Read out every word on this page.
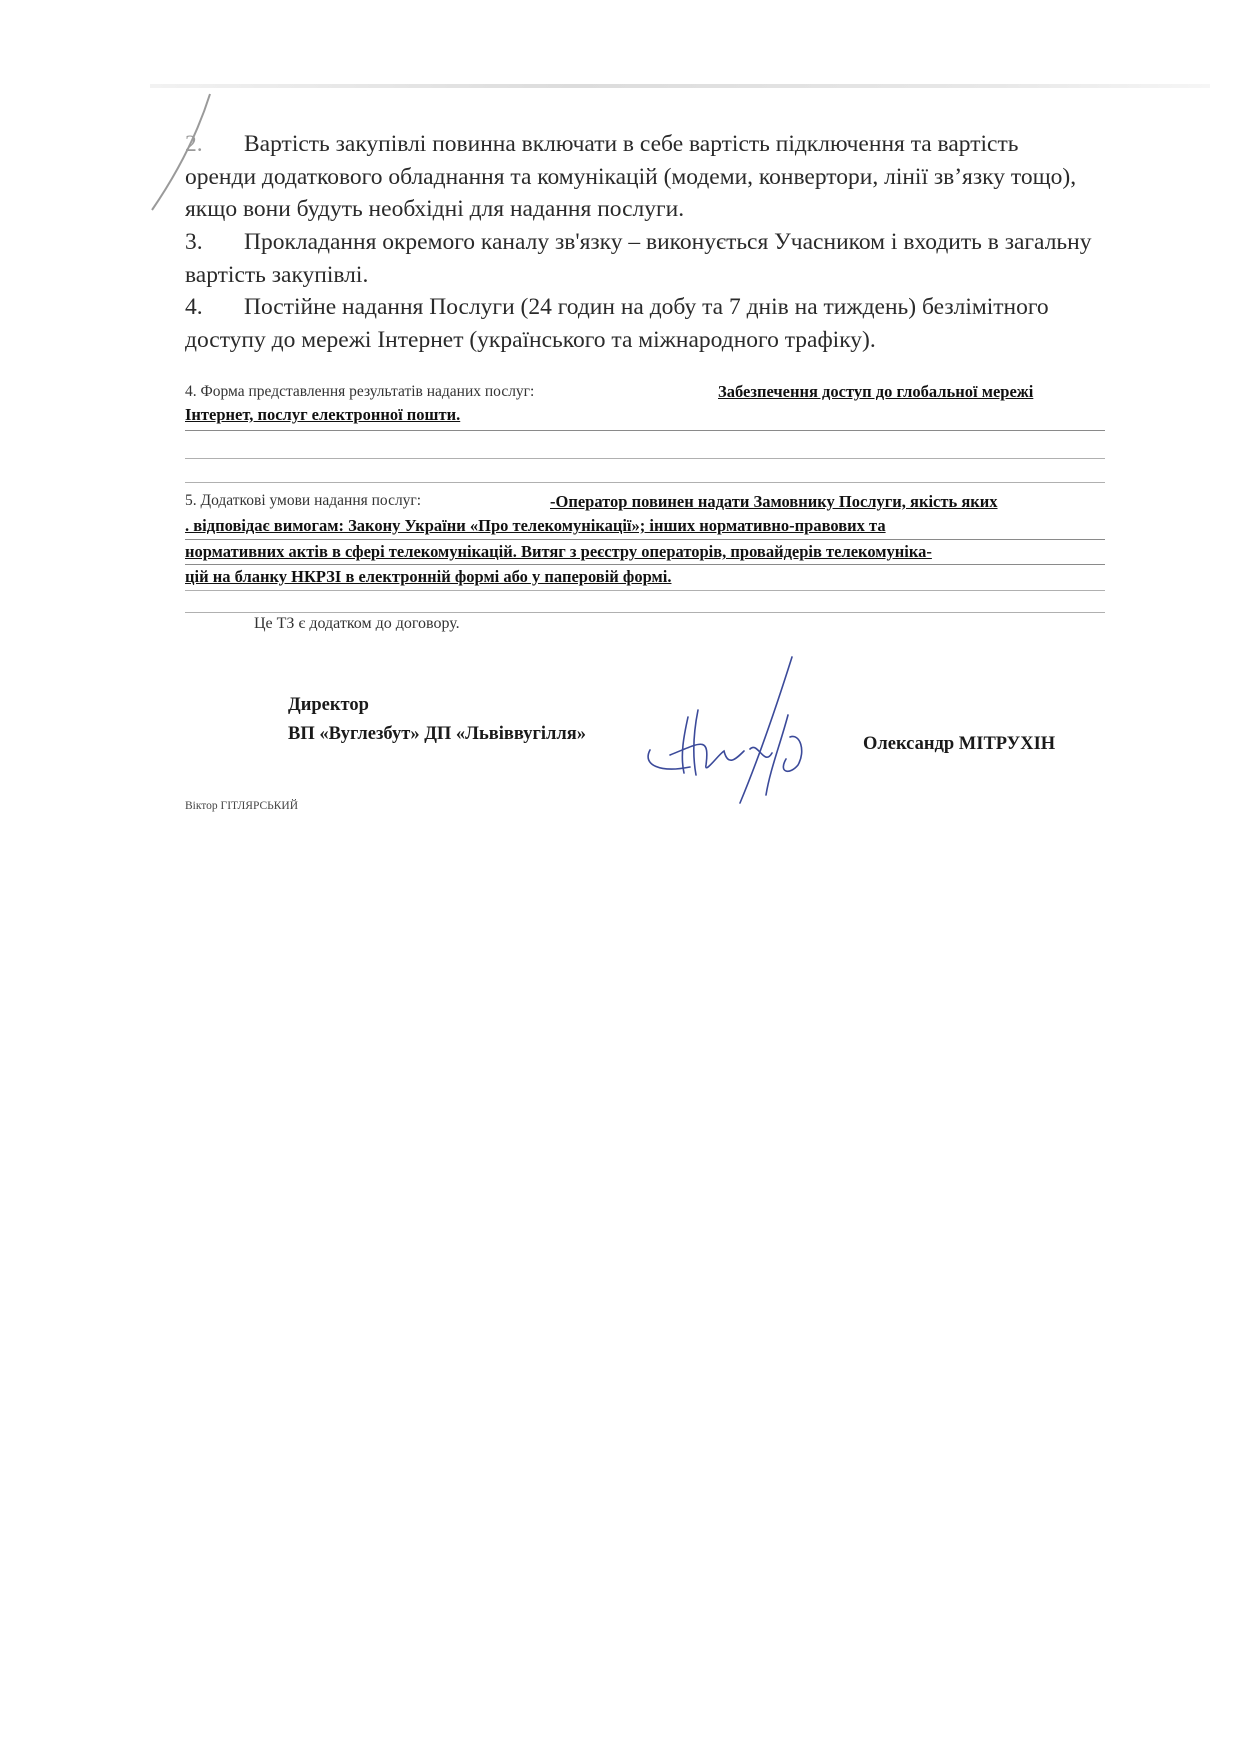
2. Вартість закупівлі повинна включати в себе вартість підключення та вартість оренди додаткового обладнання та комунікацій (модеми, конвертори, лінії зв’язку тощо), якщо вони будуть необхідні для надання послуги.
3. Прокладання окремого каналу зв'язку – виконується Учасником і входить в загальну вартість закупівлі.
4. Постійне надання Послуги (24 годин на добу та 7 днів на тиждень) безлімітного доступу до мережі Інтернет (українського та міжнародного трафіку).
4. Форма представлення результатів наданих послуг:	Забезпечення доступ до глобальної мережі
Інтернет, послуг електронної пошти.
5. Додаткові умови надання послуг:	-Оператор повинен надати Замовнику Послуги, якість яких
. відповідає вимогам: Закону України «Про телекомунікації»; інших нормативно-правових та
нормативних актів в сфері телекомунікацій. Витяг з реєстру операторів, провайдерів телекомуніка-
цій на бланку НКРЗІ в електронній формі або у паперовій формі.
Це ТЗ є додатком до договору.
Директор
ВП «Вуглезбут» ДП «Львіввугілля»	Олександр МІТРУХІН
Віктор ГІТЛЯРСЬКИЙ
